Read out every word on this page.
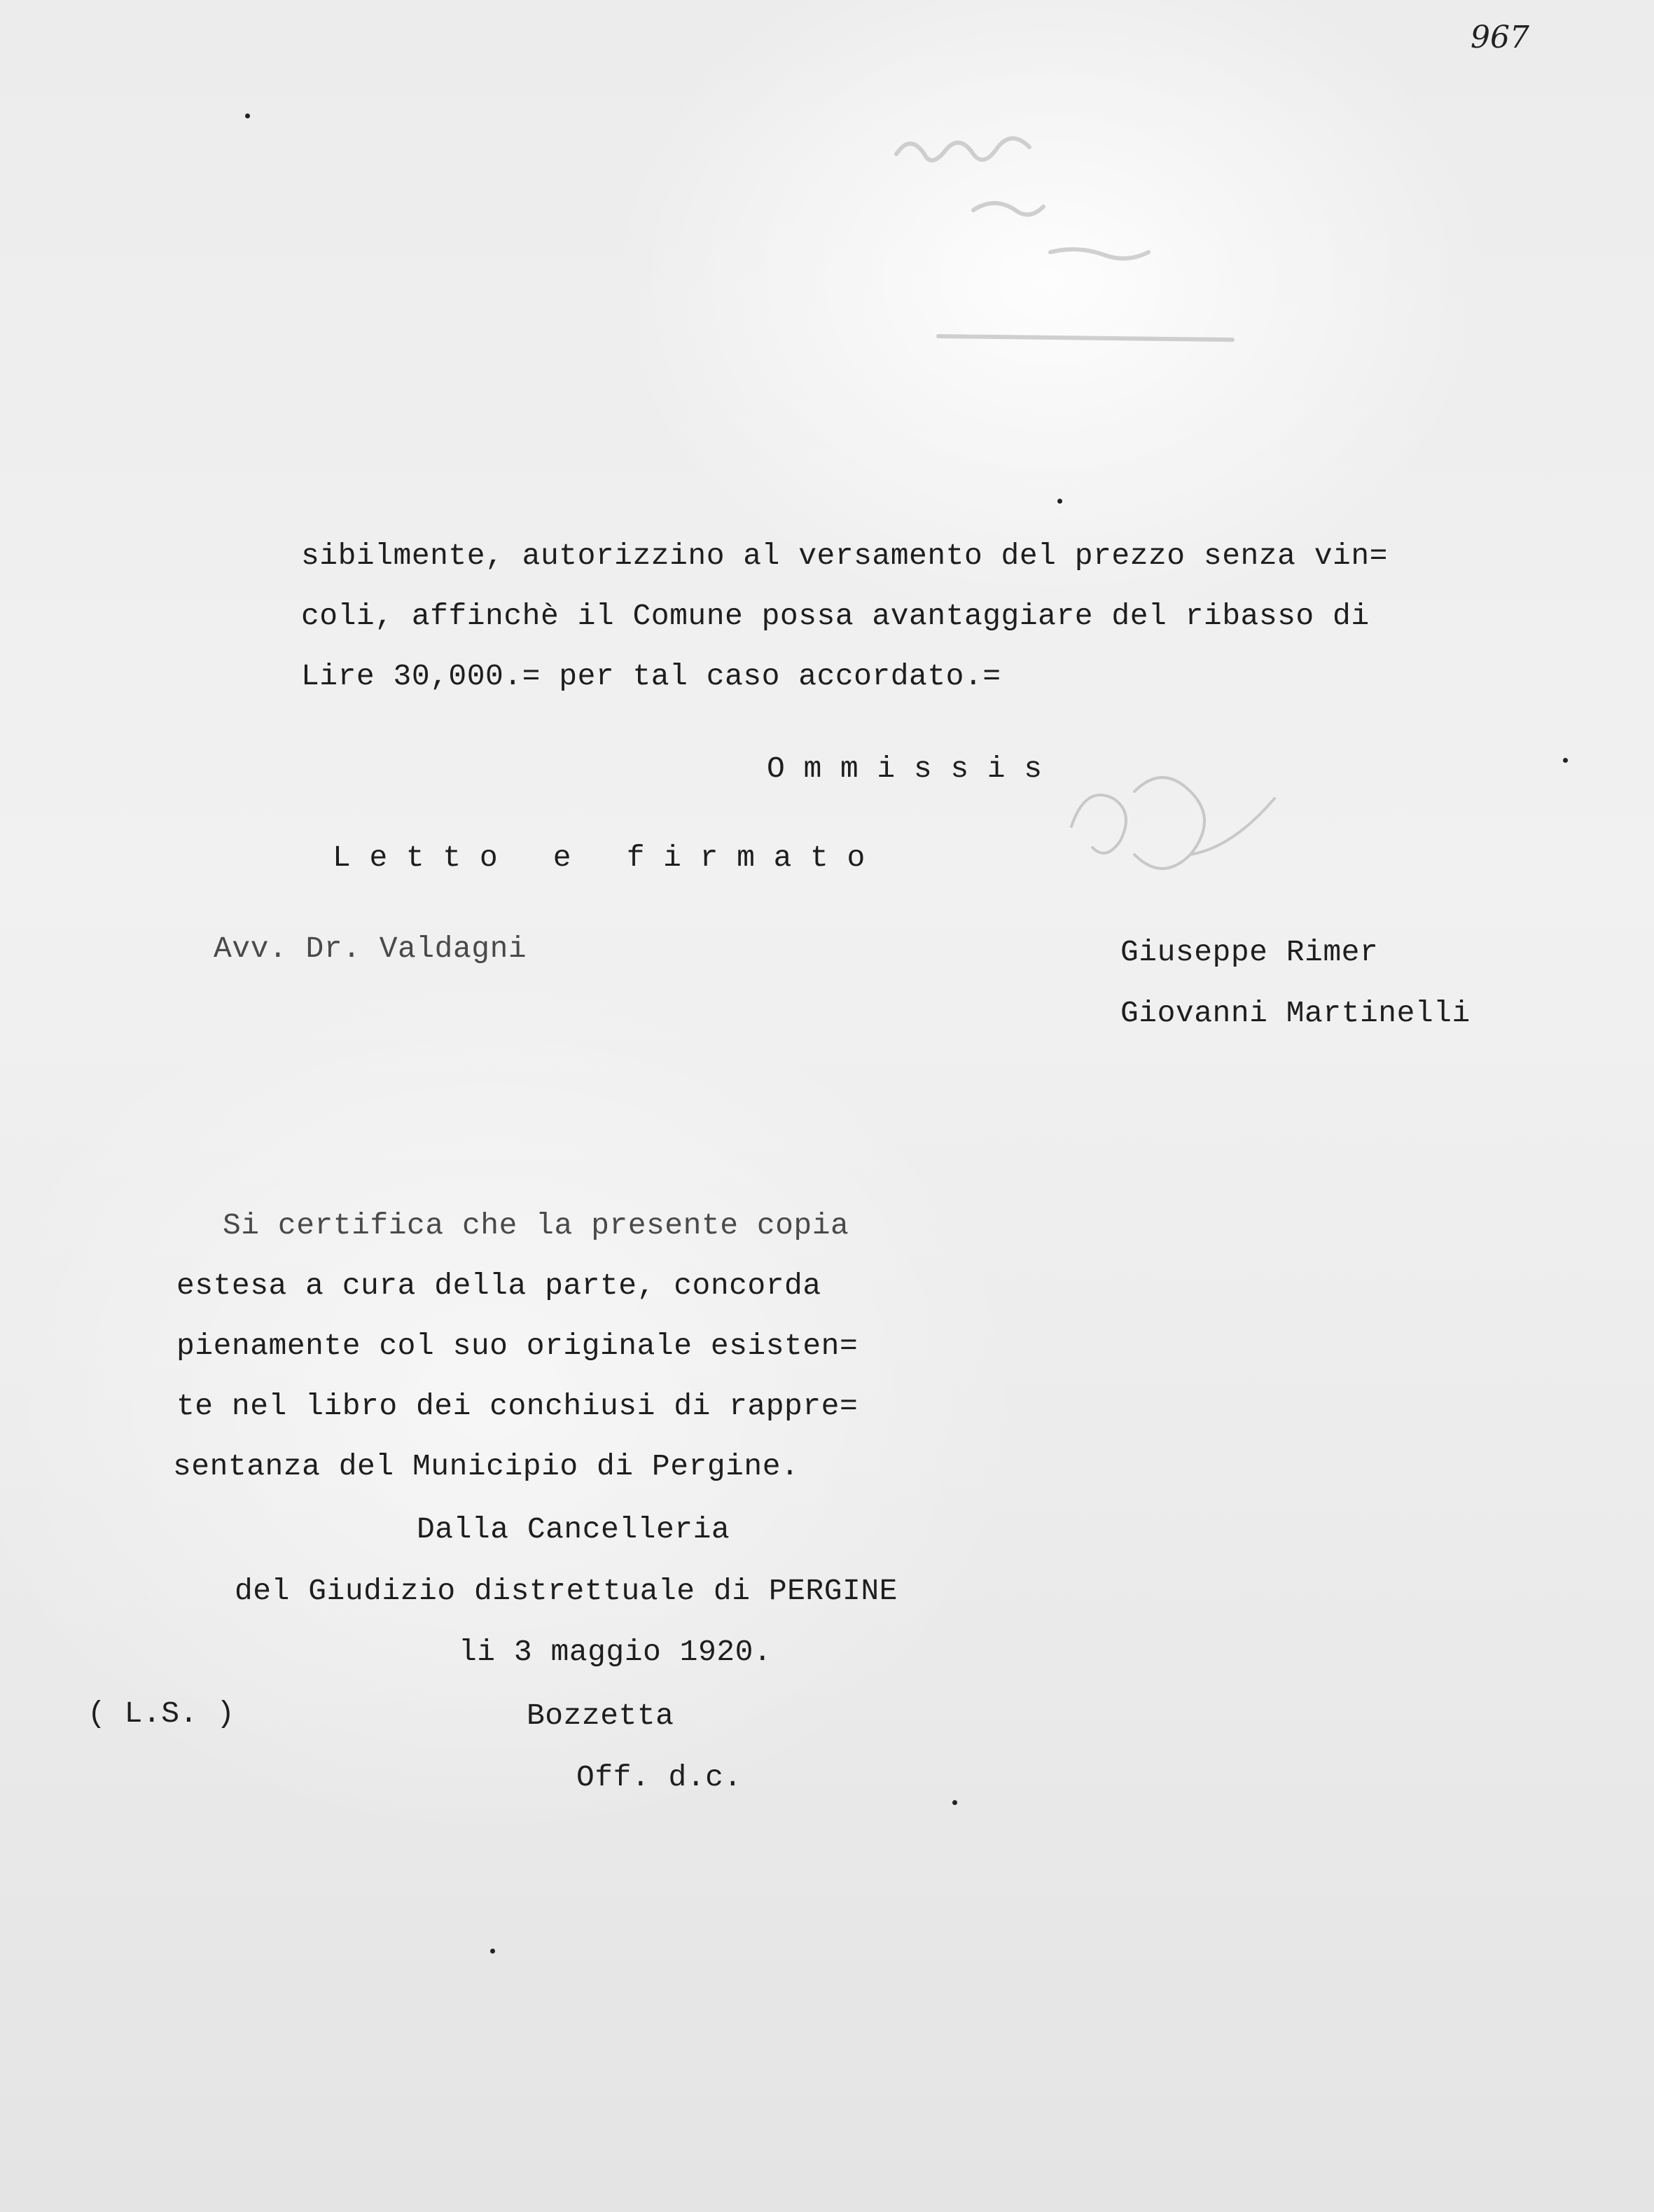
967
sibilmente, autorizzino al versamento del prezzo senza vin=
coli, affinchè il Comune possa avantaggiare del ribasso di
Lire 30,000.= per tal caso accordato.=
Ommissis
Letto e firmato
Avv. Dr. Valdagni	Giuseppe Rimer
Giovanni Martinelli
Si certifica che la presente copia
estesa a cura della parte, concorda
pienamente col suo originale esisten=
te nel libro dei conchiusi di rappre=
sentanza del Municipio di Pergine.
Dalla Cancelleria
del Giudizio distrettuale di PERGINE
li 3 maggio 1920.
( L.S. )	Bozzetta
Off. d.c.
